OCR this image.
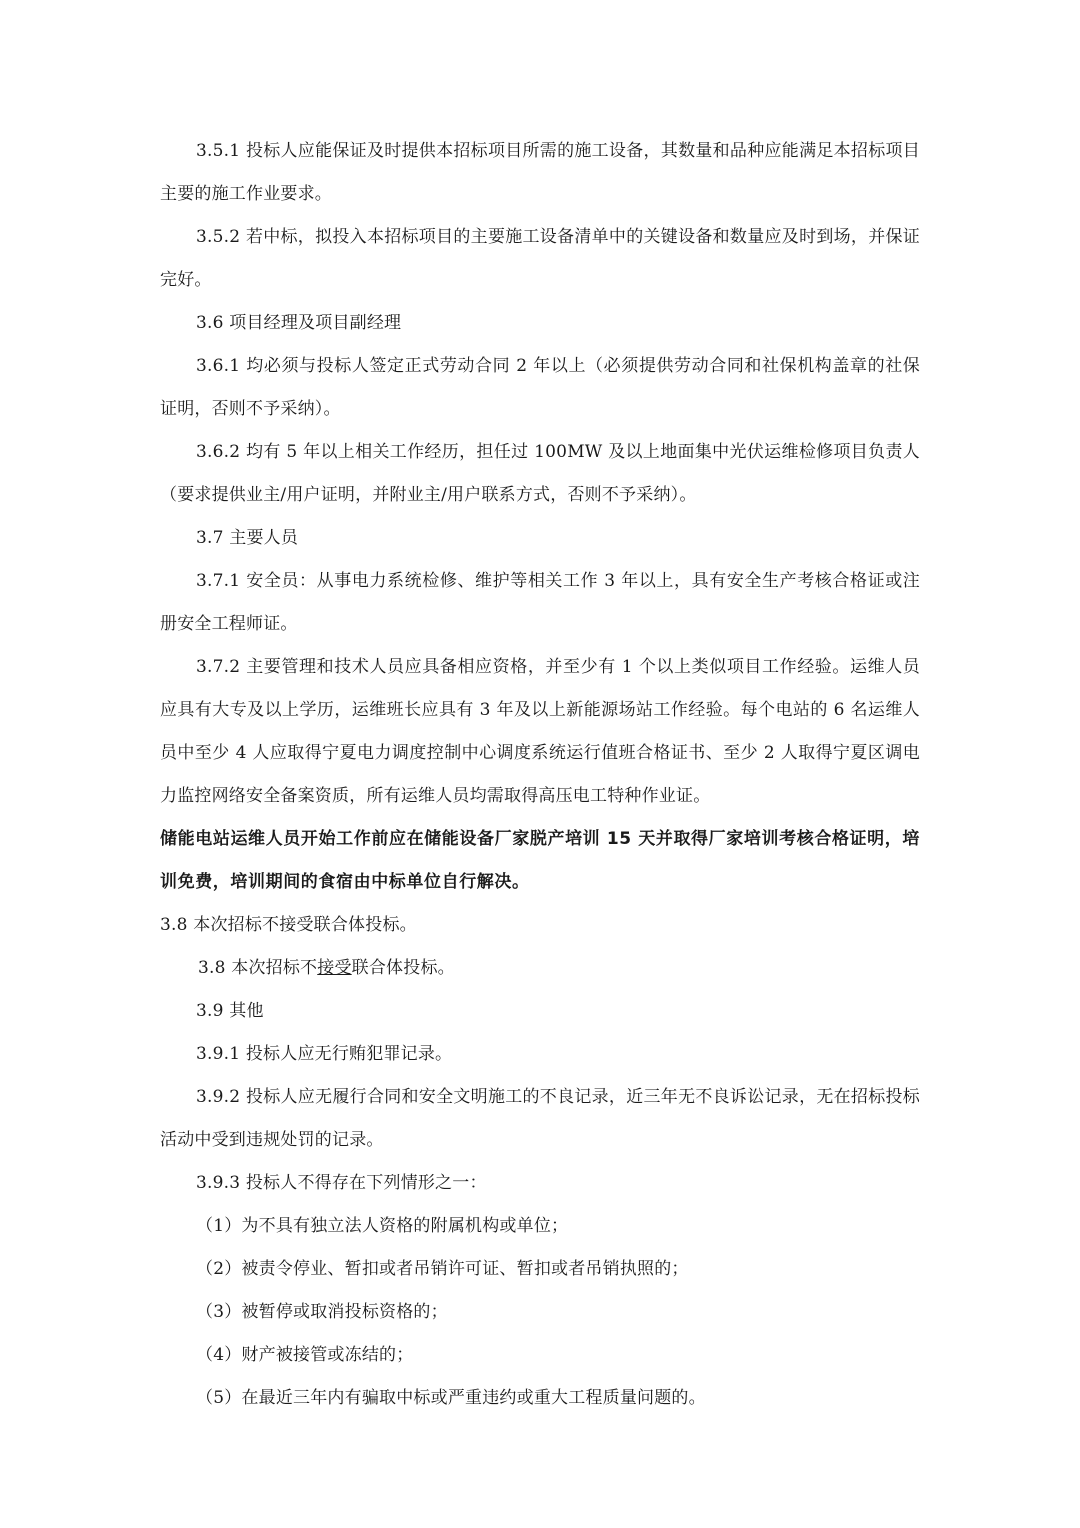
3.5.1 投标人应能保证及时提供本招标项目所需的施工设备，其数量和品种应能满足本招标项目主要的施工作业要求。

3.5.2 若中标，拟投入本招标项目的主要施工设备清单中的关键设备和数量应及时到场，并保证完好。

3.6 项目经理及项目副经理

3.6.1 均必须与投标人签定正式劳动合同 2 年以上（必须提供劳动合同和社保机构盖章的社保证明，否则不予采纳）。

3.6.2 均有 5 年以上相关工作经历，担任过 100MW 及以上地面集中光伏运维检修项目负责人（要求提供业主/用户证明，并附业主/用户联系方式，否则不予采纳）。

3.7 主要人员

3.7.1 安全员：从事电力系统检修、维护等相关工作 3 年以上，具有安全生产考核合格证或注册安全工程师证。

3.7.2 主要管理和技术人员应具备相应资格，并至少有 1 个以上类似项目工作经验。运维人员应具有大专及以上学历，运维班长应具有 3 年及以上新能源场站工作经验。每个电站的 6 名运维人员中至少 4 人应取得宁夏电力调度控制中心调度系统运行值班合格证书、至少 2 人取得宁夏区调电力监控网络安全备案资质，所有运维人员均需取得高压电工特种作业证。

储能电站运维人员开始工作前应在储能设备厂家脱产培训 15 天并取得厂家培训考核合格证明，培训免费，培训期间的食宿由中标单位自行解决。

3.8 本次招标不接受联合体投标。

3.8 本次招标不接受联合体投标。

3.9 其他

3.9.1 投标人应无行贿犯罪记录。

3.9.2 投标人应无履行合同和安全文明施工的不良记录，近三年无不良诉讼记录，无在招标投标活动中受到违规处罚的记录。

3.9.3 投标人不得存在下列情形之一：

（1）为不具有独立法人资格的附属机构或单位；

（2）被责令停业、暂扣或者吊销许可证、暂扣或者吊销执照的；

（3）被暂停或取消投标资格的；

（4）财产被接管或冻结的；

（5）在最近三年内有骗取中标或严重违约或重大工程质量问题的。
